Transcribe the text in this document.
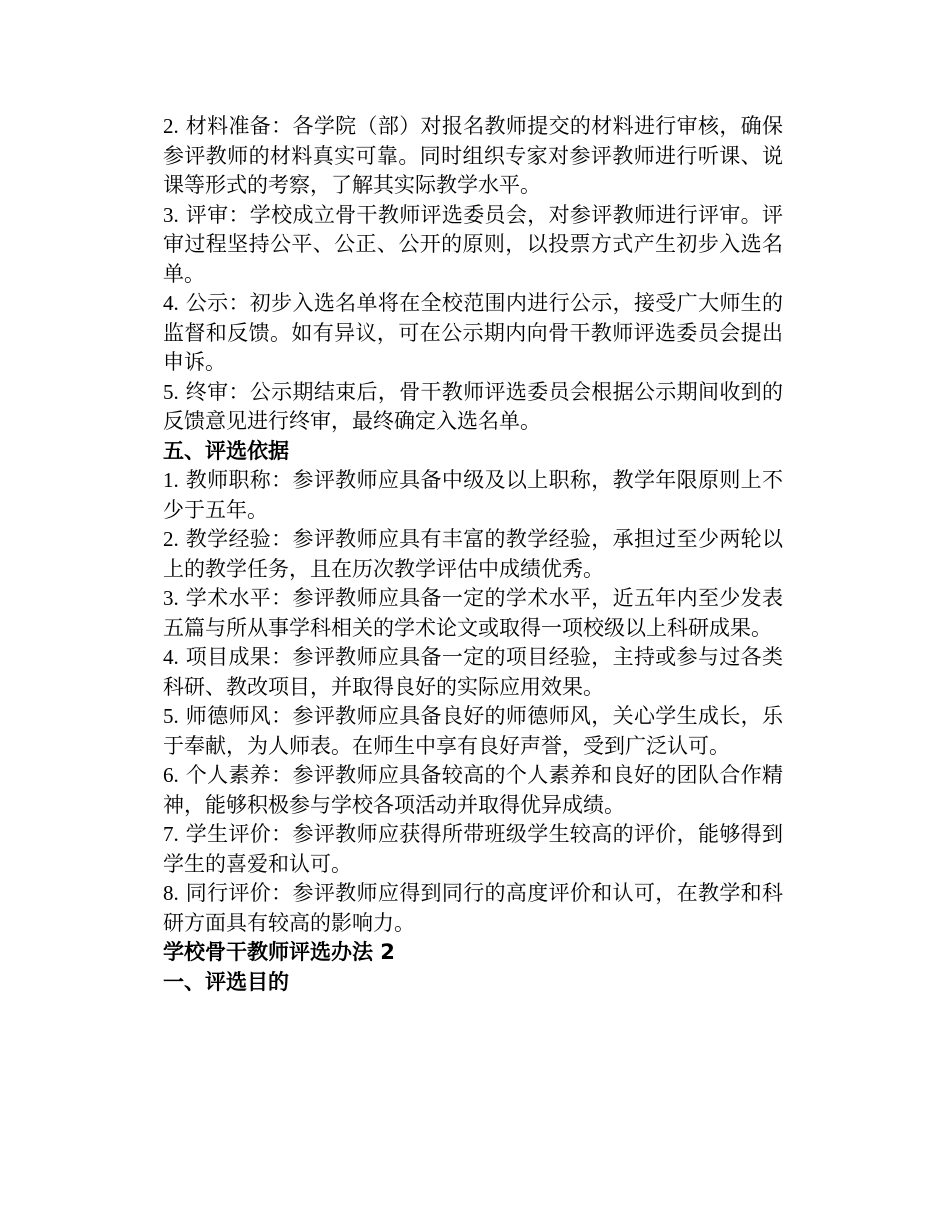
2. 材料准备：各学院（部）对报名教师提交的材料进行审核，确保参评教师的材料真实可靠。同时组织专家对参评教师进行听课、说课等形式的考察，了解其实际教学水平。

3. 评审：学校成立骨干教师评选委员会，对参评教师进行评审。评审过程坚持公平、公正、公开的原则，以投票方式产生初步入选名单。

4. 公示：初步入选名单将在全校范围内进行公示，接受广大师生的监督和反馈。如有异议，可在公示期内向骨干教师评选委员会提出申诉。

5. 终审：公示期结束后，骨干教师评选委员会根据公示期间收到的反馈意见进行终审，最终确定入选名单。

五、评选依据

1. 教师职称：参评教师应具备中级及以上职称，教学年限原则上不少于五年。

2. 教学经验：参评教师应具有丰富的教学经验，承担过至少两轮以上的教学任务，且在历次教学评估中成绩优秀。

3. 学术水平：参评教师应具备一定的学术水平，近五年内至少发表五篇与所从事学科相关的学术论文或取得一项校级以上科研成果。

4. 项目成果：参评教师应具备一定的项目经验，主持或参与过各类科研、教改项目，并取得良好的实际应用效果。

5. 师德师风：参评教师应具备良好的师德师风，关心学生成长，乐于奉献，为人师表。在师生中享有良好声誉，受到广泛认可。

6. 个人素养：参评教师应具备较高的个人素养和良好的团队合作精神，能够积极参与学校各项活动并取得优异成绩。

7. 学生评价：参评教师应获得所带班级学生较高的评价，能够得到学生的喜爱和认可。

8. 同行评价：参评教师应得到同行的高度评价和认可，在教学和科研方面具有较高的影响力。

学校骨干教师评选办法 2

一、评选目的
